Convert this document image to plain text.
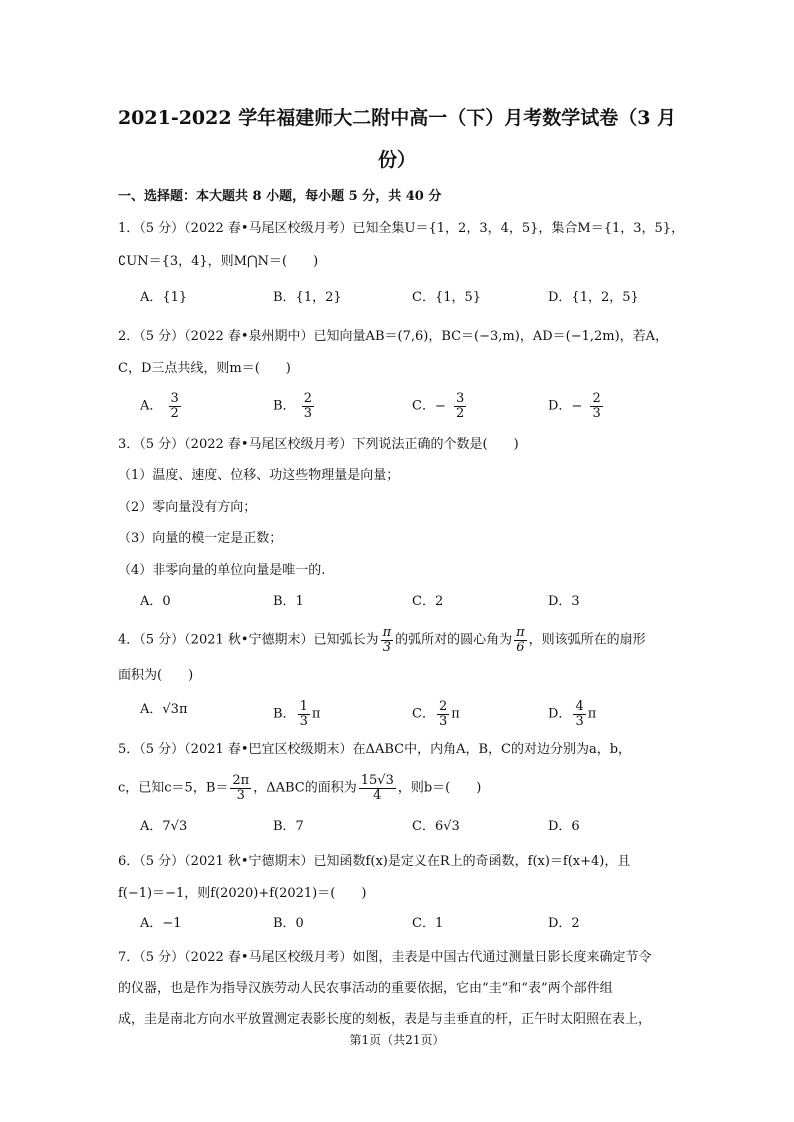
2021-2022 学年福建师大二附中高一（下）月考数学试卷（3 月
份）
一、选择题：本大题共 8 小题，每小题 5 分，共 40 分
1．（5 分）（2022 春•马尾区校级月考）已知全集U＝{1，2，3，4，5}，集合M＝{1，3，5}，
∁UN＝{3，4}，则M⋂N＝(　　)
A．{1}	B．{1，2}	C．{1，5}	D．{1，2，5}
2．（5 分）（2022 春•泉州期中）已知向量AB＝(7,6)，BC＝(−3,m)，AD＝(−1,2m)，若A，
C，D三点共线，则m＝(　　)
A． $\frac{3}{2}$	B． $\frac{2}{3}$	C．− $\frac{3}{2}$	D．− $\frac{2}{3}$
3．（5 分）（2022 春•马尾区校级月考）下列说法正确的个数是(　　)
（1）温度、速度、位移、功这些物理量是向量；
（2）零向量没有方向；
（3）向量的模一定是正数；
（4）非零向量的单位向量是唯一的.
A．0	B．1	C．2	D．3
4．（5 分）（2021 秋•宁德期末）已知弧长为 $\frac{\pi}{3}$ 的弧所对的圆心角为 $\frac{\pi}{6}$ ，则该弧所在的扇形
面积为(　　)
A．√3π	B． $\frac{1}{3}$ π	C． $\frac{2}{3}$ π	D． $\frac{4}{3}$ π
5．（5 分）（2021 春•巴宜区校级期末）在ΔABC中，内角A，B，C的对边分别为a，b，
c，已知c＝5，$B= \frac{2\pi}{3}$ ，ΔABC的面积为 $\frac{15√3}{4}$ ，则b＝(　　)
A．7√3	B．7	C．6√3	D．6
6．（5 分）（2021 秋•宁德期末）已知函数f(x)是定义在R上的奇函数，f(x)＝f(x+4)，且
f(−1)＝−1，则f(2020)+f(2021)＝(　　)
A．−1	B．0	C．1	D．2
7．（5 分）（2022 春•马尾区校级月考）如图，圭表是中国古代通过测量日影长度来确定节令
的仪器，也是作为指导汉族劳动人民农事活动的重要依据，它由“圭”和“表”两个部件组
成，圭是南北方向水平放置测定表影长度的刻板，表是与圭垂直的杆，正午时太阳照在表上，
第1页（共21页）
